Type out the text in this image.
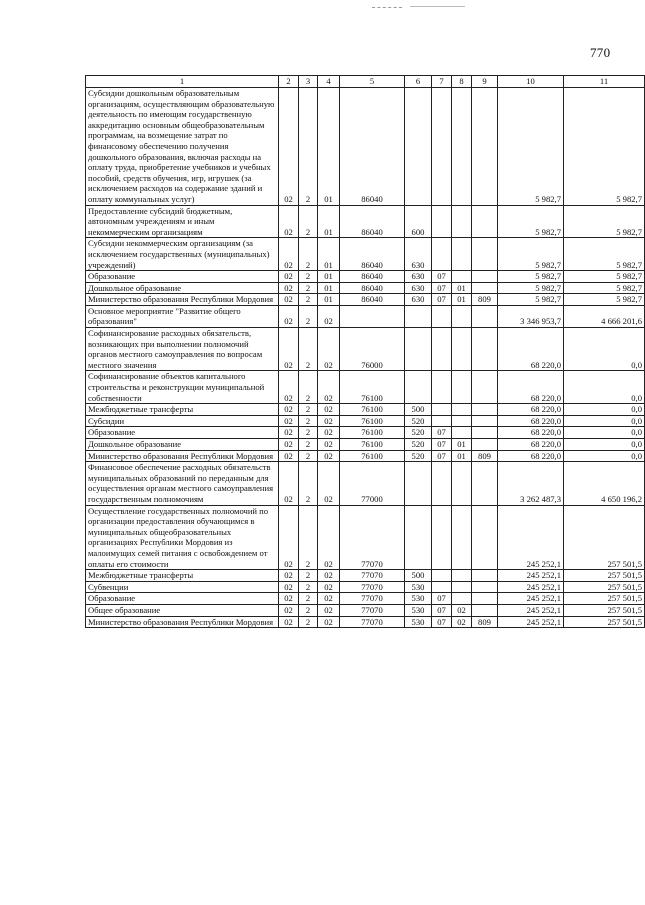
770
1	2	3	4	5	6	7	8	9	10	11
Субсидии дошкольным образовательным организациям, осуществляющим образовательную деятельность по имеющим государственную аккредитацию основным общеобразовательным программам, на возмещение затрат по финансовому обеспечению получения дошкольного образования, включая расходы на оплату труда, приобретение учебников и учебных пособий, средств обучения, игр, игрушек (за исключением расходов на содержание зданий и оплату коммунальных услуг)	02	2	01	86040					5 982,7	5 982,7
Предоставление субсидий бюджетным, автономным учреждениям и иным некоммерческим организациям	02	2	01	86040	600				5 982,7	5 982,7
Субсидии некоммерческим организациям (за исключением государственных (муниципальных) учреждений)	02	2	01	86040	630				5 982,7	5 982,7
Образование	02	2	01	86040	630	07			5 982,7	5 982,7
Дошкольное образование	02	2	01	86040	630	07	01		5 982,7	5 982,7
Министерство образования Республики Мордовия	02	2	01	86040	630	07	01	809	5 982,7	5 982,7
Основное мероприятие "Развитие общего образования"	02	2	02						3 346 953,7	4 666 201,6
Софинансирование расходных обязательств, возникающих при выполнении полномочий органов местного самоуправления по вопросам местного значения	02	2	02	76000					68 220,0	0,0
Софинансирование объектов капитального строительства и реконструкции муниципальной собственности	02	2	02	76100					68 220,0	0,0
Межбюджетные трансферты	02	2	02	76100	500				68 220,0	0,0
Субсидии	02	2	02	76100	520				68 220,0	0,0
Образование	02	2	02	76100	520	07			68 220,0	0,0
Дошкольное образование	02	2	02	76100	520	07	01		68 220,0	0,0
Министерство образования Республики Мордовия	02	2	02	76100	520	07	01	809	68 220,0	0,0
Финансовое обеспечение расходных обязательств муниципальных образований по переданным для осуществления органам местного самоуправления государственным полномочиям	02	2	02	77000					3 262 487,3	4 650 196,2
Осуществление государственных полномочий по организации предоставления обучающимся в муниципальных общеобразовательных организациях Республики Мордовия из малоимущих семей питания с освобождением от оплаты его стоимости	02	2	02	77070					245 252,1	257 501,5
Межбюджетные трансферты	02	2	02	77070	500				245 252,1	257 501,5
Субвенции	02	2	02	77070	530				245 252,1	257 501,5
Образование	02	2	02	77070	530	07			245 252,1	257 501,5
Общее образование	02	2	02	77070	530	07	02		245 252,1	257 501,5
Министерство образования Республики Мордовия	02	2	02	77070	530	07	02	809	245 252,1	257 501,5
